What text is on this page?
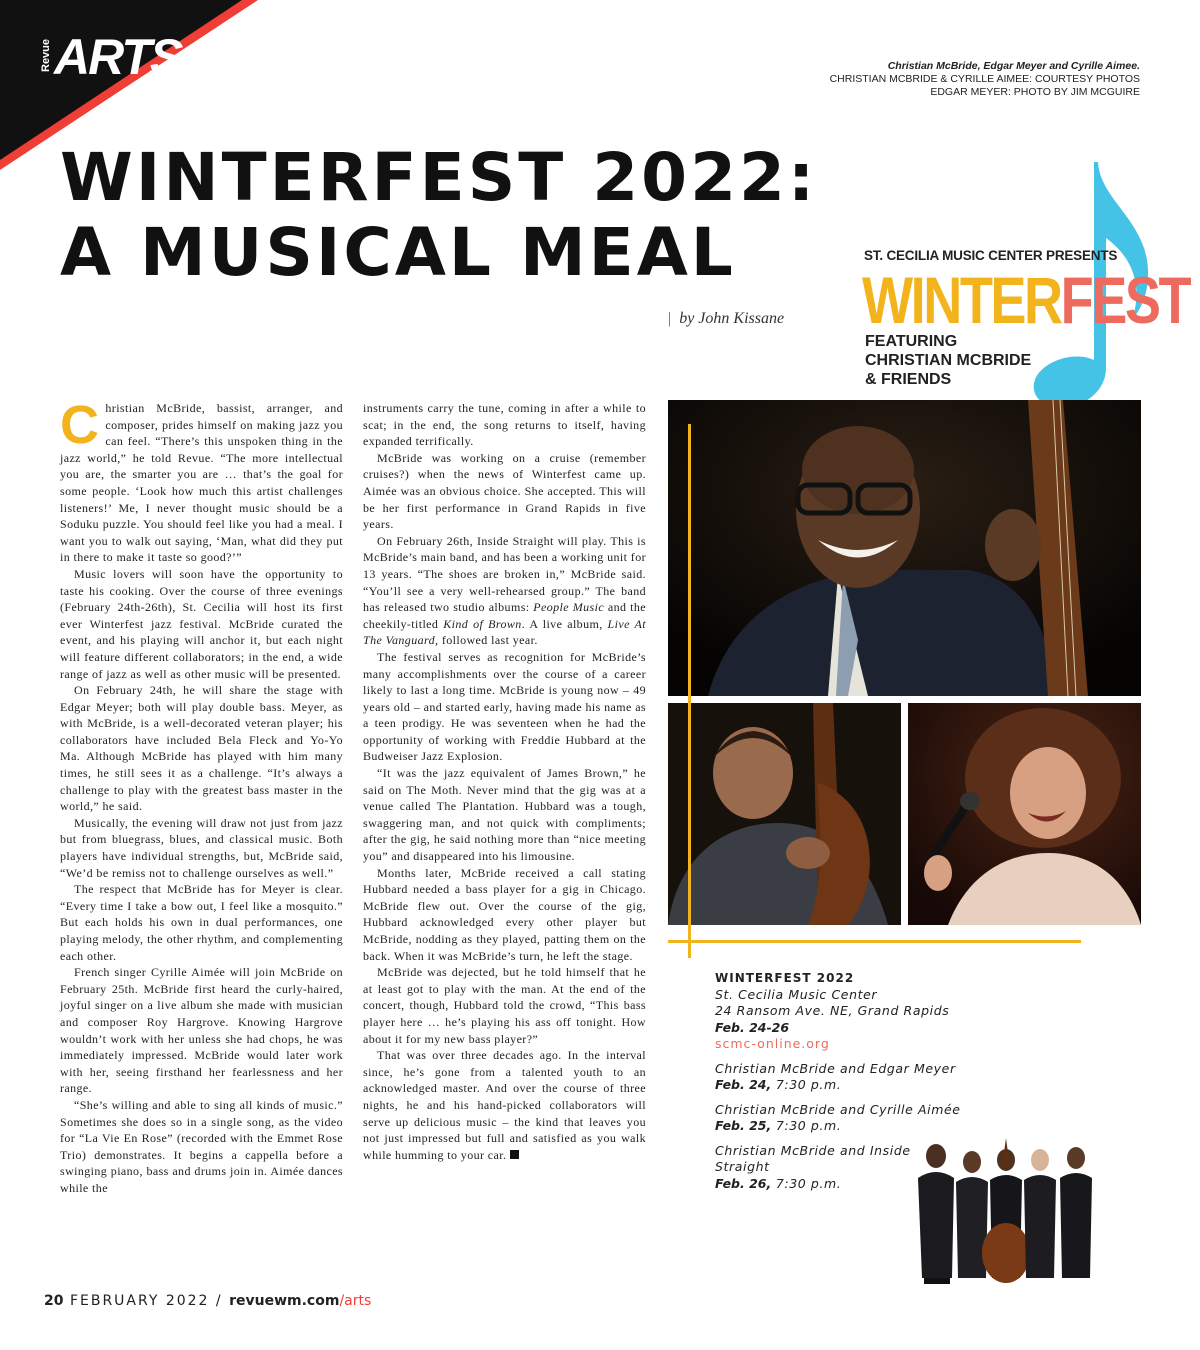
Revue ARTS	Christian McBride, Edgar Meyer and Cyrille Aimee.
CHRISTIAN MCBRIDE & CYRILLE AIMEE: COURTESY PHOTOS
EDGAR MEYER: PHOTO BY JIM MCGUIRE
WINTERFEST 2022:
A MUSICAL MEAL
| by John Kissane
ST. CECILIA MUSIC CENTER PRESENTS
WINTERFEST
FEATURING
CHRISTIAN MCBRIDE
& FRIENDS

Christian McBride, bassist, arranger, and composer, prides himself on making jazz you can feel. “There’s this unspoken thing in the jazz world,” he told Revue. “The more intellectual you are, the smarter you are … that’s the goal for some people. ‘Look how much this artist challenges listeners!’ Me, I never thought music should be a Soduku puzzle. You should feel like you had a meal. I want you to walk out saying, ‘Man, what did they put in there to make it taste so good?’”

Music lovers will soon have the opportunity to taste his cooking. Over the course of three evenings (February 24th-26th), St. Cecilia will host its first ever Winterfest jazz festival. McBride curated the event, and his playing will anchor it, but each night will feature different collaborators; in the end, a wide range of jazz as well as other music will be presented.

On February 24th, he will share the stage with Edgar Meyer; both will play double bass. Meyer, as with McBride, is a well-decorated veteran player; his collaborators have included Bela Fleck and Yo-Yo Ma. Although McBride has played with him many times, he still sees it as a challenge. “It’s always a challenge to play with the greatest bass master in the world,” he said.

Musically, the evening will draw not just from jazz but from bluegrass, blues, and classical music. Both players have individual strengths, but, McBride said, “We’d be remiss not to challenge ourselves as well.”

The respect that McBride has for Meyer is clear. “Every time I take a bow out, I feel like a mosquito.” But each holds his own in dual performances, one playing melody, the other rhythm, and complementing each other.

French singer Cyrille Aimée will join McBride on February 25th. McBride first heard the curly-haired, joyful singer on a live album she made with musician and composer Roy Hargrove. Knowing Hargrove wouldn’t work with her unless she had chops, he was immediately impressed. McBride would later work with her, seeing firsthand her fearlessness and her range.

“She’s willing and able to sing all kinds of music.” Sometimes she does so in a single song, as the video for “La Vie En Rose” (recorded with the Emmet Rose Trio) demonstrates. It begins a cappella before a swinging piano, bass and drums join in. Aimée dances while the

instruments carry the tune, coming in after a while to scat; in the end, the song returns to itself, having expanded terrifically.

McBride was working on a cruise (remember cruises?) when the news of Winterfest came up. Aimée was an obvious choice. She accepted. This will be her first performance in Grand Rapids in five years.

On February 26th, Inside Straight will play. This is McBride’s main band, and has been a working unit for 13 years. “The shoes are broken in,” McBride said. “You’ll see a very well-rehearsed group.” The band has released two studio albums: People Music and the cheekily-titled Kind of Brown. A live album, Live At The Vanguard, followed last year.

The festival serves as recognition for McBride’s many accomplishments over the course of a career likely to last a long time. McBride is young now – 49 years old – and started early, having made his name as a teen prodigy. He was seventeen when he had the opportunity of working with Freddie Hubbard at the Budweiser Jazz Explosion.

“It was the jazz equivalent of James Brown,” he said on The Moth. Never mind that the gig was at a venue called The Plantation. Hubbard was a tough, swaggering man, and not quick with compliments; after the gig, he said nothing more than “nice meeting you” and disappeared into his limousine.

Months later, McBride received a call stating Hubbard needed a bass player for a gig in Chicago. McBride flew out. Over the course of the gig, Hubbard acknowledged every other player but McBride, nodding as they played, patting them on the back. When it was McBride’s turn, he left the stage.

McBride was dejected, but he told himself that he at least got to play with the man. At the end of the concert, though, Hubbard told the crowd, “This bass player here … he’s playing his ass off tonight. How about it for my new bass player?”

That was over three decades ago. In the interval since, he’s gone from a talented youth to an acknowledged master. And over the course of three nights, he and his hand-picked collaborators will serve up delicious music – the kind that leaves you not just impressed but full and satisfied as you walk while humming to your car.

WINTERFEST 2022
St. Cecilia Music Center
24 Ransom Ave. NE, Grand Rapids
Feb. 24-26
scmc-online.org
Christian McBride and Edgar Meyer
Feb. 24, 7:30 p.m.
Christian McBride and Cyrille Aimée
Feb. 25, 7:30 p.m.
Christian McBride and Inside Straight
Feb. 26, 7:30 p.m.
20 FEBRUARY 2022 / revuewm.com/arts
